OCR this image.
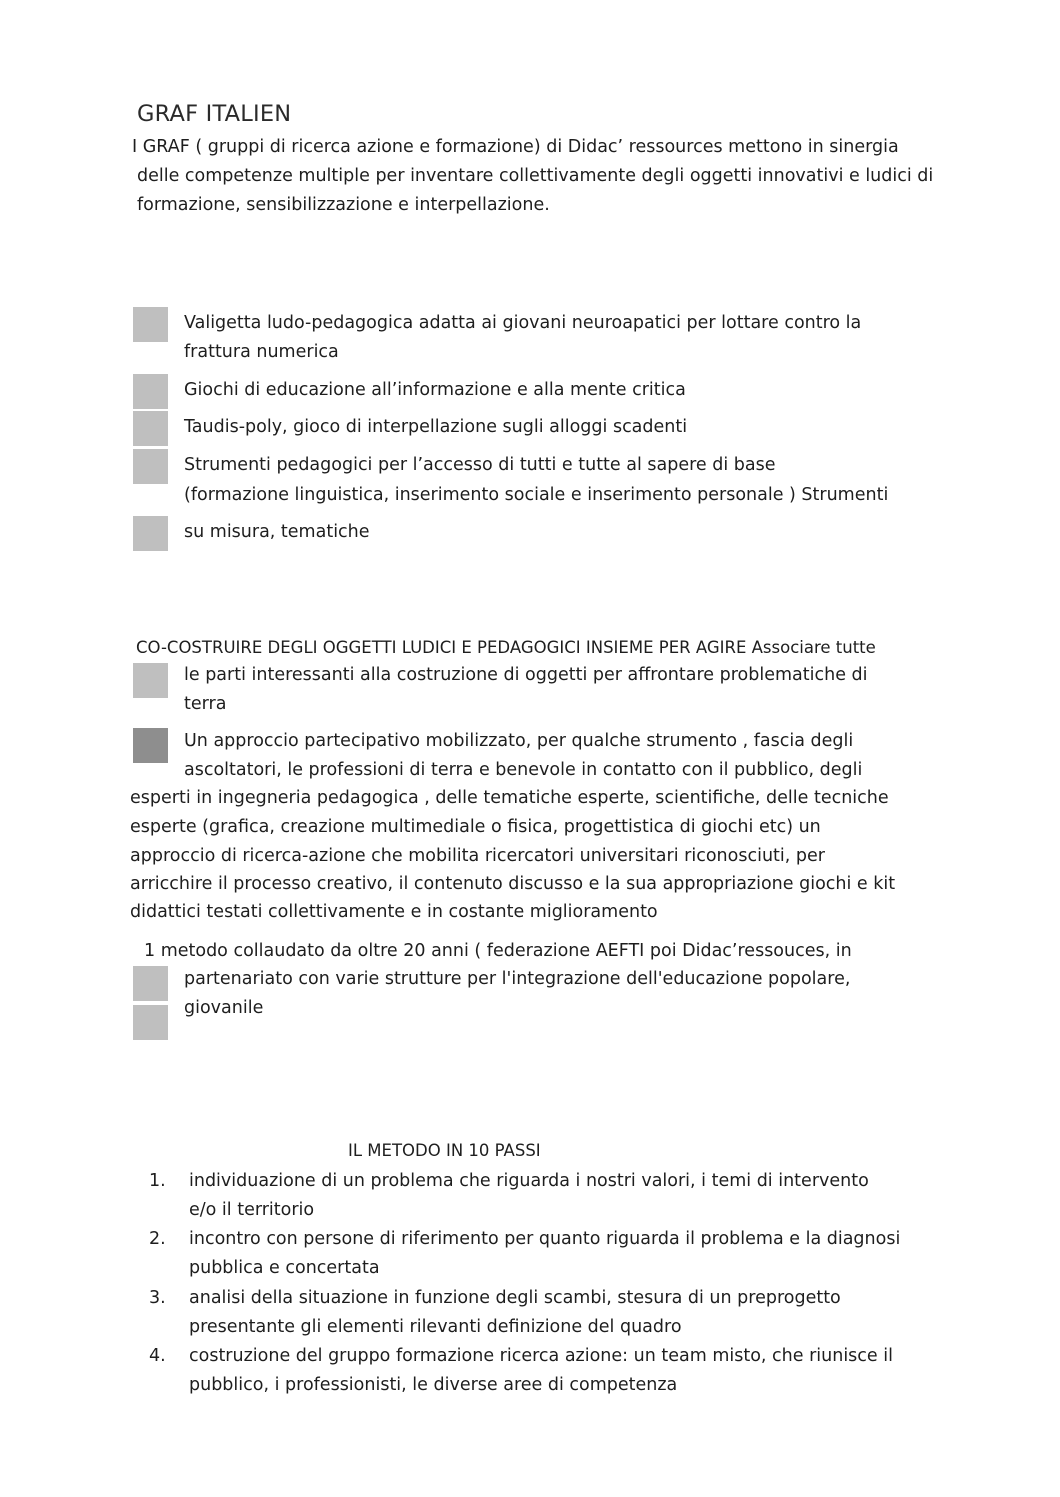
GRAF ITALIEN
I GRAF ( gruppi di ricerca azione e formazione) di Didac’ ressources mettono in sinergia
delle competenze multiple per inventare collettivamente degli oggetti innovativi e ludici di
formazione, sensibilizzazione e interpellazione.
Valigetta ludo-pedagogica adatta ai giovani neuroapatici per lottare contro la
frattura numerica
Giochi di educazione all’informazione e alla mente critica
Taudis-poly, gioco di interpellazione sugli alloggi scadenti
Strumenti pedagogici per l’accesso di tutti e tutte al sapere di base
(formazione linguistica, inserimento sociale e inserimento personale ) Strumenti
su misura, tematiche
CO-COSTRUIRE DEGLI OGGETTI LUDICI E PEDAGOGICI INSIEME PER AGIRE Associare tutte
le parti interessanti alla costruzione di oggetti per affrontare problematiche di
terra
Un approccio partecipativo mobilizzato, per qualche strumento , fascia degli
ascoltatori, le professioni di terra e benevole in contatto con il pubblico, degli
esperti in ingegneria pedagogica , delle tematiche esperte, scientifiche, delle tecniche
esperte (grafica, creazione multimediale o fisica, progettistica di giochi etc) un
approccio di ricerca-azione che mobilita ricercatori universitari riconosciuti, per
arricchire il processo creativo, il contenuto discusso e la sua appropriazione giochi e kit
didattici testati collettivamente e in costante miglioramento
1 metodo collaudato da oltre 20 anni ( federazione AEFTI poi Didac’ressouces, in
partenariato con varie strutture per l'integrazione dell'educazione popolare,
giovanile
IL METODO IN 10 PASSI
1. individuazione di un problema che riguarda i nostri valori, i temi di intervento
e/o il territorio
2. incontro con persone di riferimento per quanto riguarda il problema e la diagnosi
pubblica e concertata
3. analisi della situazione in funzione degli scambi, stesura di un preprogetto
presentante gli elementi rilevanti definizione del quadro
4. costruzione del gruppo formazione ricerca azione: un team misto, che riunisce il
pubblico, i professionisti, le diverse aree di competenza
